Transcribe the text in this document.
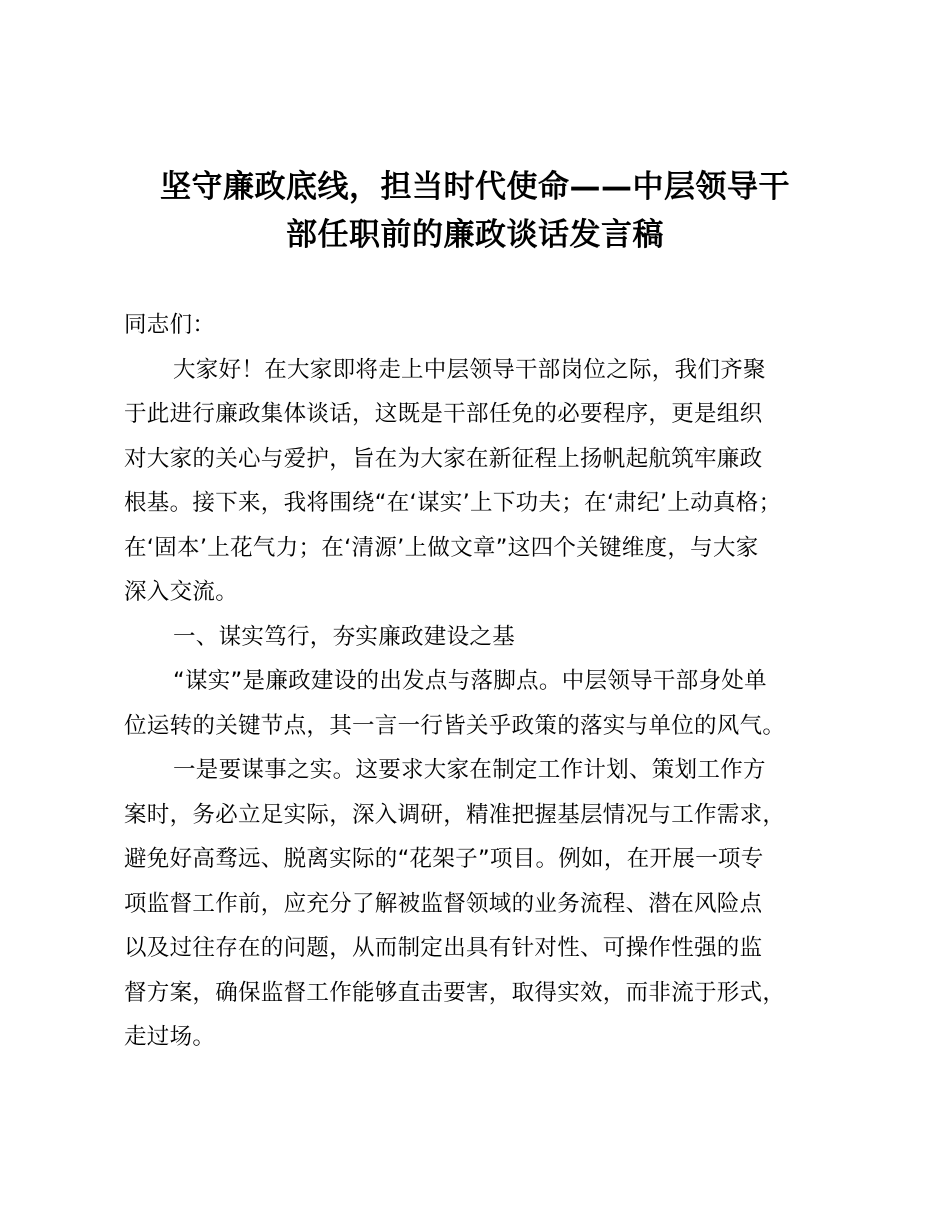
坚守廉政底线，担当时代使命——中层领导干
部任职前的廉政谈话发言稿

同志们：

大家好！在大家即将走上中层领导干部岗位之际，我们齐聚
于此进行廉政集体谈话，这既是干部任免的必要程序，更是组织
对大家的关心与爱护，旨在为大家在新征程上扬帆起航筑牢廉政
根基。接下来，我将围绕“在‘谋实’上下功夫；在‘肃纪’上动真格；
在‘固本’上花气力；在‘清源’上做文章”这四个关键维度，与大家
深入交流。

一、谋实笃行，夯实廉政建设之基

“谋实”是廉政建设的出发点与落脚点。中层领导干部身处单
位运转的关键节点，其一言一行皆关乎政策的落实与单位的风气。

一是要谋事之实。这要求大家在制定工作计划、策划工作方
案时，务必立足实际，深入调研，精准把握基层情况与工作需求，
避免好高骛远、脱离实际的“花架子”项目。例如，在开展一项专
项监督工作前，应充分了解被监督领域的业务流程、潜在风险点
以及过往存在的问题，从而制定出具有针对性、可操作性强的监
督方案，确保监督工作能够直击要害，取得实效，而非流于形式，
走过场。
